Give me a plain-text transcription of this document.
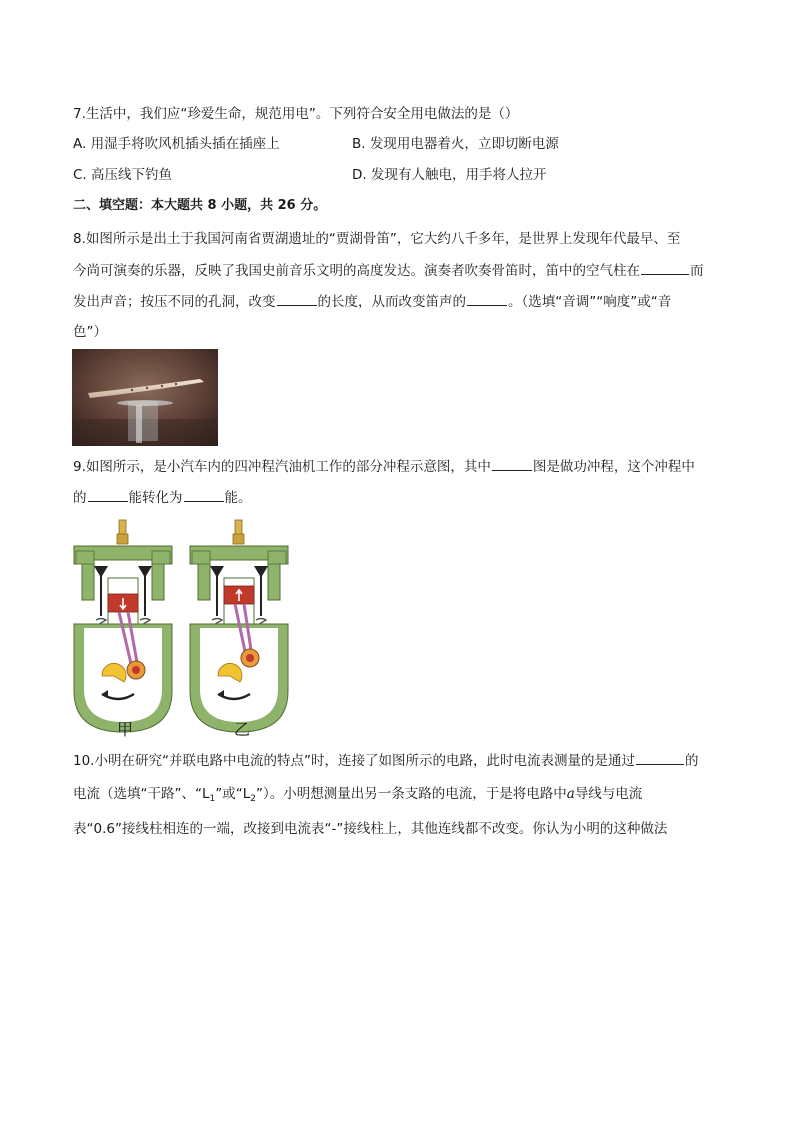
7.生活中，我们应“珍爱生命，规范用电”。下列符合安全用电做法的是（）
A. 用湿手将吹风机插头插在插座上	B. 发现用电器着火，立即切断电源
C. 高压线下钓鱼	D. 发现有人触电，用手将人拉开
二、填空题：本大题共 8 小题，共 26 分。
8.如图所示是出土于我国河南省贾湖遗址的“贾湖骨笛”，它大约八千多年，是世界上发现年代最早、至
今尚可演奏的乐器，反映了我国史前音乐文明的高度发达。演奏者吹奏骨笛时，笛中的空气柱在	而
发出声音；按压不同的孔洞，改变	的长度，从而改变笛声的	。（选填“音调”“响度”或“音
色”）
9.如图所示，是小汽车内的四冲程汽油机工作的部分冲程示意图，其中	图是做功冲程，这个冲程中
的	能转化为	能。
甲	乙
10.小明在研究“并联电路中电流的特点”时，连接了如图所示的电路，此时电流表测量的是通过	的
电流（选填“干路”、“$L_1$”或“$L_2$”）。小明想测量出另一条支路的电流，于是将电路中a导线与电流
表“0.6”接线柱相连的一端，改接到电流表“-”接线柱上，其他连线都不改变。你认为小明的这种做法
